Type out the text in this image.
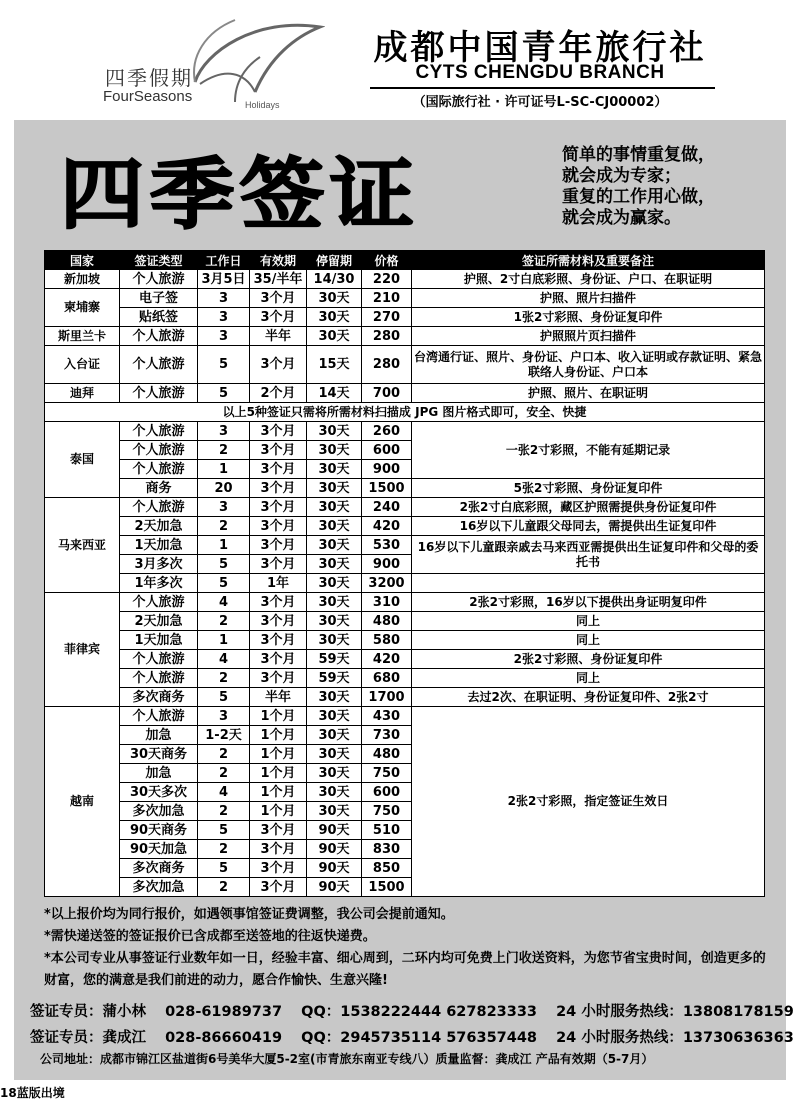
四季假期
FourSeasons	Holidays
成都中国青年旅行社
CYTS CHENGDU BRANCH
（国际旅行社 · 许可证号L-SC-CJ00002）
四季签证	简单的事情重复做，
就会成为专家；
重复的工作用心做，
就会成为赢家。
国家	签证类型	工作日	有效期	停留期	价格	签证所需材料及重要备注
新加坡	个人旅游	3月5日	35/半年	14/30	220	护照、2寸白底彩照、身份证、户口、在职证明
柬埔寨	电子签	3	3个月	30天	210	护照、照片扫描件
	贴纸签	3	3个月	30天	270	1张2寸彩照、身份证复印件
斯里兰卡	个人旅游	3	半年	30天	280	护照照片页扫描件
入台证	个人旅游	5	3个月	15天	280	台湾通行证、照片、身份证、户口本、收入证明或存款证明、紧急联络人身份证、户口本
迪拜	个人旅游	5	2个月	14天	700	护照、照片、在职证明
以上5种签证只需将所需材料扫描成 JPG 图片格式即可，安全、快捷						
泰国	个人旅游	3	3个月	30天	260	一张2寸彩照，不能有延期记录
	个人旅游	2	3个月	30天	600	
	个人旅游	1	3个月	30天	900	
	商务	20	3个月	30天	1500	5张2寸彩照、身份证复印件
马来西亚	个人旅游	3	3个月	30天	240	2张2寸白底彩照，藏区护照需提供身份证复印件
	2天加急	2	3个月	30天	420	16岁以下儿童跟父母同去，需提供出生证复印件
	1天加急	1	3个月	30天	530	16岁以下儿童跟亲戚去马来西亚需提供出生证复印件和父母的委托书
	3月多次	5	3个月	30天	900	
	1年多次	5	1年	30天	3200	
菲律宾	个人旅游	4	3个月	30天	310	2张2寸彩照，16岁以下提供出身证明复印件
	2天加急	2	3个月	30天	480	同上
	1天加急	1	3个月	30天	580	同上
	个人旅游	4	3个月	59天	420	2张2寸彩照、身份证复印件
	个人旅游	2	3个月	59天	680	同上
	多次商务	5	半年	30天	1700	去过2次、在职证明、身份证复印件、2张2寸
越南	个人旅游	3	1个月	30天	430	2张2寸彩照，指定签证生效日
	加急	1-2天	1个月	30天	730	
	30天商务	2	1个月	30天	480	
	加急	2	1个月	30天	750	
	30天多次	4	1个月	30天	600	
	多次加急	2	1个月	30天	750	
	90天商务	5	3个月	90天	510	
	90天加急	2	3个月	90天	830	
	多次商务	5	3个月	90天	850	
	多次加急	2	3个月	90天	1500	

*以上报价均为同行报价，如遇领事馆签证费调整，我公司会提前通知。

*需快递送签的签证报价已含成都至送签地的往返快递费。

*本公司专业从事签证行业数年如一日，经验丰富、细心周到，二环内均可免费上门收送资料，为您节省宝贵时间，创造更多的财富，您的满意是我们前进的动力，愿合作愉快、生意兴隆!

签证专员：蒲小林 028-61989737 QQ：1538222444 627823333 24 小时服务热线：13808178159
签证专员：龚成江 028-86660419 QQ：2945735114 576357448 24 小时服务热线：13730636363
公司地址：成都市锦江区盐道街6号美华大厦5-2室(市青旅东南亚专线八）质量监督：龚成江 产品有效期（5-7月）
18蓝版出境
